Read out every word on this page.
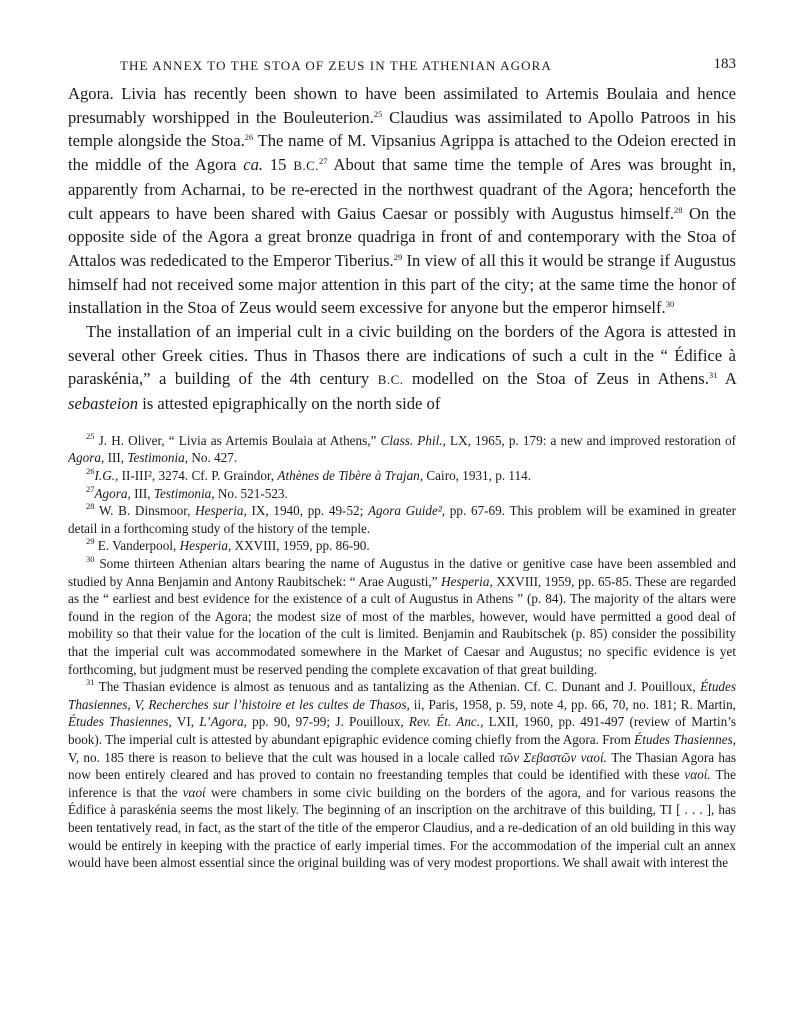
THE ANNEX TO THE STOA OF ZEUS IN THE ATHENIAN AGORA	183

Agora. Livia has recently been shown to have been assimilated to Artemis Boulaia and hence presumably worshipped in the Bouleuterion.$^{25}$ Claudius was assimilated to Apollo Patroos in his temple alongside the Stoa.$^{26}$ The name of M. Vipsanius Agrippa is attached to the Odeion erected in the middle of the Agora ca. 15 B.C.$^{27}$ About that same time the temple of Ares was brought in, apparently from Acharnai, to be re-erected in the northwest quadrant of the Agora; henceforth the cult appears to have been shared with Gaius Caesar or possibly with Augustus himself.$^{28}$ On the opposite side of the Agora a great bronze quadriga in front of and contemporary with the Stoa of Attalos was rededicated to the Emperor Tiberius.$^{29}$ In view of all this it would be strange if Augustus himself had not received some major attention in this part of the city; at the same time the honor of installation in the Stoa of Zeus would seem excessive for anyone but the emperor himself.$^{30}$

The installation of an imperial cult in a civic building on the borders of the Agora is attested in several other Greek cities. Thus in Thasos there are indications of such a cult in the “ Édifice à paraskénia,” a building of the 4th century B.C. modelled on the Stoa of Zeus in Athens.$^{31}$ A sebasteion is attested epigraphically on the north side of

$^{25}$ J. H. Oliver, “ Livia as Artemis Boulaia at Athens,” Class. Phil., LX, 1965, p. 179: a new and improved restoration of Agora, III, Testimonia, No. 427.

$^{26}$I.G., II-III², 3274. Cf. P. Graindor, Athènes de Tibère à Trajan, Cairo, 1931, p. 114.

$^{27}$Agora, III, Testimonia, No. 521-523.

$^{28}$ W. B. Dinsmoor, Hesperia, IX, 1940, pp. 49-52; Agora Guide², pp. 67-69. This problem will be examined in greater detail in a forthcoming study of the history of the temple.

$^{29}$ E. Vanderpool, Hesperia, XXVIII, 1959, pp. 86-90.

$^{30}$ Some thirteen Athenian altars bearing the name of Augustus in the dative or genitive case have been assembled and studied by Anna Benjamin and Antony Raubitschek: “ Arae Augusti,” Hesperia, XXVIII, 1959, pp. 65-85. These are regarded as the “ earliest and best evidence for the existence of a cult of Augustus in Athens ” (p. 84). The majority of the altars were found in the region of the Agora; the modest size of most of the marbles, however, would have permitted a good deal of mobility so that their value for the location of the cult is limited. Benjamin and Raubitschek (p. 85) consider the possibility that the imperial cult was accommodated somewhere in the Market of Caesar and Augustus; no specific evidence is yet forthcoming, but judgment must be reserved pending the complete excavation of that great building.

$^{31}$ The Thasian evidence is almost as tenuous and as tantalizing as the Athenian. Cf. C. Dunant and J. Pouilloux, Études Thasiennes, V, Recherches sur l’histoire et les cultes de Thasos, ii, Paris, 1958, p. 59, note 4, pp. 66, 70, no. 181; R. Martin, Études Thasiennes, VI, L’Agora, pp. 90, 97-99; J. Pouilloux, Rev. Ét. Anc., LXII, 1960, pp. 491-497 (review of Martin’s book). The imperial cult is attested by abundant epigraphic evidence coming chiefly from the Agora. From Études Thasiennes, V, no. 185 there is reason to believe that the cult was housed in a locale called τῶν Σεβαστῶν ναοί. The Thasian Agora has now been entirely cleared and has proved to contain no freestanding temples that could be identified with these ναοί. The inference is that the ναοί were chambers in some civic building on the borders of the agora, and for various reasons the Édifice à paraskénia seems the most likely. The beginning of an inscription on the architrave of this building, TI [ . . . ], has been tentatively read, in fact, as the start of the title of the emperor Claudius, and a re-dedication of an old building in this way would be entirely in keeping with the practice of early imperial times. For the accommodation of the imperial cult an annex would have been almost essential since the original building was of very modest proportions. We shall await with interest the
